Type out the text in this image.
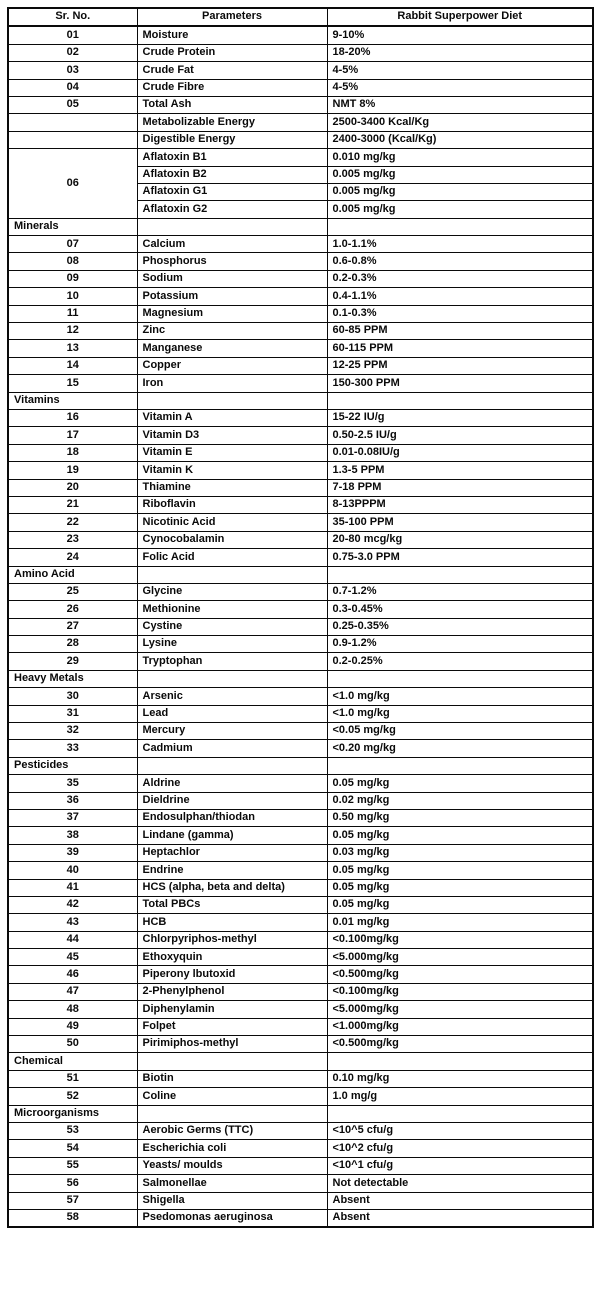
Sr. No.	Parameters	Rabbit Superpower Diet
01	Moisture	9-10%
02	Crude Protein	18-20%
03	Crude Fat	4-5%
04	Crude Fibre	4-5%
05	Total Ash	NMT 8%
	Metabolizable Energy	2500-3400 Kcal/Kg
	Digestible Energy	2400-3000 (Kcal/Kg)
06	Aflatoxin B1	0.010 mg/kg
	Aflatoxin B2	0.005 mg/kg
	Aflatoxin G1	0.005 mg/kg
	Aflatoxin G2	0.005 mg/kg
Minerals		
07	Calcium	1.0-1.1%
08	Phosphorus	0.6-0.8%
09	Sodium	0.2-0.3%
10	Potassium	0.4-1.1%
11	Magnesium	0.1-0.3%
12	Zinc	60-85 PPM
13	Manganese	60-115 PPM
14	Copper	12-25 PPM
15	Iron	150-300 PPM
Vitamins		
16	Vitamin A	15-22 IU/g
17	Vitamin D3	0.50-2.5 IU/g
18	Vitamin E	0.01-0.08IU/g
19	Vitamin K	1.3-5 PPM
20	Thiamine	7-18 PPM
21	Riboflavin	8-13PPPM
22	Nicotinic Acid	35-100 PPM
23	Cynocobalamin	20-80 mcg/kg
24	Folic Acid	0.75-3.0 PPM
Amino Acid		
25	Glycine	0.7-1.2%
26	Methionine	0.3-0.45%
27	Cystine	0.25-0.35%
28	Lysine	0.9-1.2%
29	Tryptophan	0.2-0.25%
Heavy Metals		
30	Arsenic	<1.0 mg/kg
31	Lead	<1.0 mg/kg
32	Mercury	<0.05 mg/kg
33	Cadmium	<0.20 mg/kg
Pesticides		
35	Aldrine	0.05 mg/kg
36	Dieldrine	0.02 mg/kg
37	Endosulphan/thiodan	0.50 mg/kg
38	Lindane (gamma)	0.05 mg/kg
39	Heptachlor	0.03 mg/kg
40	Endrine	0.05 mg/kg
41	HCS (alpha, beta and delta)	0.05 mg/kg
42	Total PBCs	0.05 mg/kg
43	HCB	0.01 mg/kg
44	Chlorpyriphos-methyl	<0.100mg/kg
45	Ethoxyquin	<5.000mg/kg
46	Piperony lbutoxid	<0.500mg/kg
47	2-Phenylphenol	<0.100mg/kg
48	Diphenylamin	<5.000mg/kg
49	Folpet	<1.000mg/kg
50	Pirimiphos-methyl	<0.500mg/kg
Chemical		
51	Biotin	0.10 mg/kg
52	Coline	1.0 mg/g
Microorganisms		
53	Aerobic Germs (TTC)	<10^5 cfu/g
54	Escherichia coli	<10^2 cfu/g
55	Yeasts/ moulds	<10^1 cfu/g
56	Salmonellae	Not detectable
57	Shigella	Absent
58	Psedomonas aeruginosa	Absent
